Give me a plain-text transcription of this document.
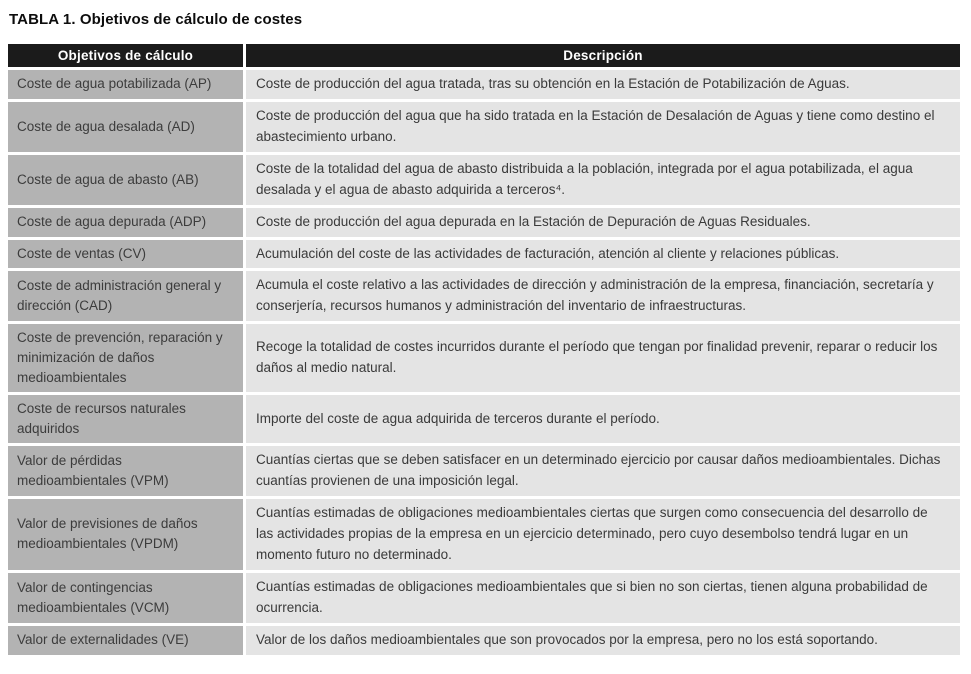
TABLA 1. Objetivos de cálculo de costes
Objetivos de cálculo	Descripción
Coste de agua potabilizada (AP)	Coste de producción del agua tratada, tras su obtención en la Estación de Potabilización de Aguas.
Coste de agua desalada (AD)	Coste de producción del agua que ha sido tratada en la Estación de Desalación de Aguas y tiene como destino el abastecimiento urbano.
Coste de agua de abasto (AB)	Coste de la totalidad del agua de abasto distribuida a la población, integrada por el agua potabilizada, el agua desalada y el agua de abasto adquirida a terceros⁴.
Coste de agua depurada (ADP)	Coste de producción del agua depurada en la Estación de Depuración de Aguas Residuales.
Coste de ventas (CV)	Acumulación del coste de las actividades de facturación, atención al cliente y relaciones públicas.
Coste de administración general y dirección (CAD)	Acumula el coste relativo a las actividades de dirección y administración de la empresa, financiación, secretaría y conserjería, recursos humanos y administración del inventario de infraestructuras.
Coste de prevención, reparación y minimización de daños medioambientales	Recoge la totalidad de costes incurridos durante el período que tengan por finalidad prevenir, reparar o reducir los daños al medio natural.
Coste de recursos naturales adquiridos	Importe del coste de agua adquirida de terceros durante el período.
Valor de pérdidas medioambientales (VPM)	Cuantías ciertas que se deben satisfacer en un determinado ejercicio por causar daños medioambientales. Dichas cuantías provienen de una imposición legal.
Valor de previsiones de daños medioambientales (VPDM)	Cuantías estimadas de obligaciones medioambientales ciertas que surgen como consecuencia del desarrollo de las actividades propias de la empresa en un ejercicio determinado, pero cuyo desembolso tendrá lugar en un momento futuro no determinado.
Valor de contingencias medioambientales (VCM)	Cuantías estimadas de obligaciones medioambientales que si bien no son ciertas, tienen alguna probabilidad de ocurrencia.
Valor de externalidades (VE)	Valor de los daños medioambientales que son provocados por la empresa, pero no los está soportando.
